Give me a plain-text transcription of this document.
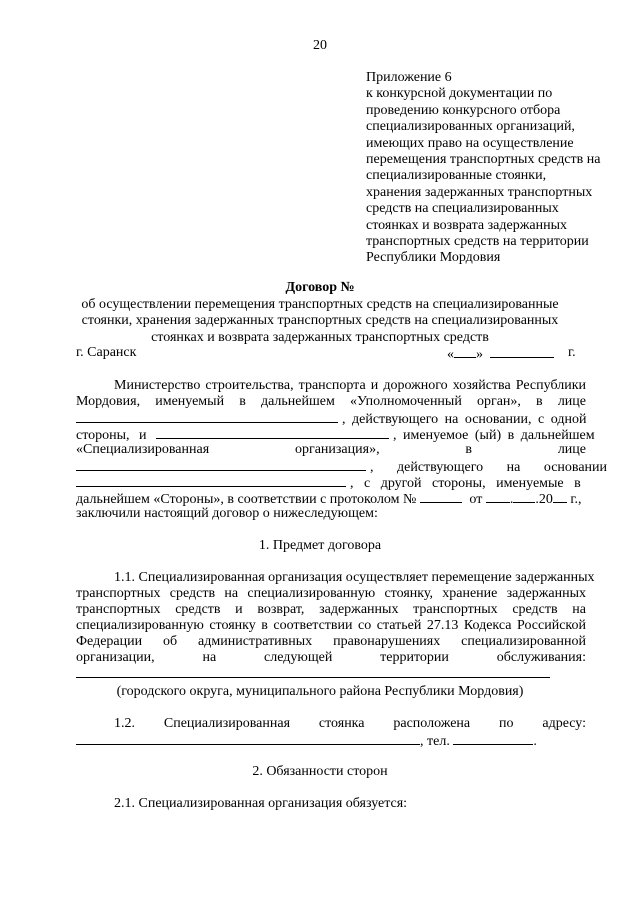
20
Приложение 6
к конкурсной документации по
проведению конкурсного отбора
специализированных организаций,
имеющих право на осуществление
перемещения транспортных средств на
специализированные стоянки,
хранения задержанных транспортных
средств на специализированных
стоянках и возврата задержанных
транспортных средств на территории
Республики Мордовия
Договор №
об осуществлении перемещения транспортных средств на специализированные
стоянки, хранения задержанных транспортных средств на специализированных
стоянках и возврата задержанных транспортных средств
г. Саранск	« »	г.
Министерство строительства, транспорта и дорожного хозяйства Республики
Мордовия, именуемый в дальнейшем «Уполномоченный орган», в лице
, действующего на основании, с одной
стороны, и	, именуемое (ый) в дальнейшем
«Специализированная организация», в лице
, действующего на основании
, с другой стороны, именуемые в
дальнейшем «Стороны», в соответствии с протоколом №	от . .20 г.,
заключили настоящий договор о нижеследующем:
1. Предмет договора
1.1. Специализированная организация осуществляет перемещение задержанных
транспортных средств на специализированную стоянку, хранение задержанных
транспортных средств и возврат, задержанных транспортных средств на
специализированную стоянку в соответствии со статьей 27.13 Кодекса Российской
Федерации об административных правонарушениях специализированной
организации, на следующей территории обслуживания:
(городского округа, муниципального района Республики Мордовия)
1.2. Специализированная стоянка расположена по адресу:
, тел.	.
2. Обязанности сторон
2.1. Специализированная организация обязуется:
